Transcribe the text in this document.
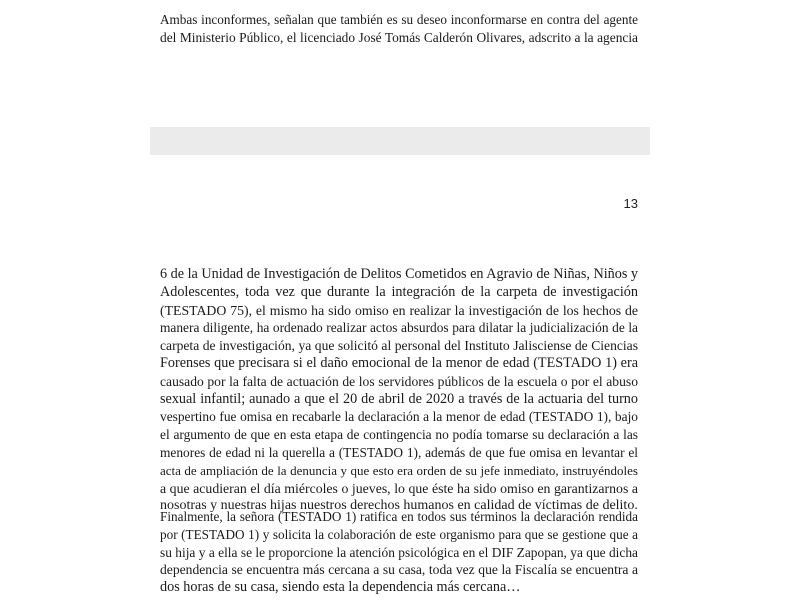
Ambas inconformes, señalan que también es su deseo inconformarse en contra del agente
del Ministerio Público, el licenciado José Tomás Calderón Olivares, adscrito a la agencia
13
6 de la Unidad de Investigación de Delitos Cometidos en Agravio de Niñas, Niños y
Adolescentes, toda vez que durante la integración de la carpeta de investigación
(TESTADO 75), el mismo ha sido omiso en realizar la investigación de los hechos de
manera diligente, ha ordenado realizar actos absurdos para dilatar la judicialización de la
carpeta de investigación, ya que solicitó al personal del Instituto Jalisciense de Ciencias
Forenses que precisara si el daño emocional de la menor de edad (TESTADO 1) era
causado por la falta de actuación de los servidores públicos de la escuela o por el abuso
sexual infantil; aunado a que el 20 de abril de 2020 a través de la actuaria del turno
vespertino fue omisa en recabarle la declaración a la menor de edad (TESTADO 1), bajo
el argumento de que en esta etapa de contingencia no podía tomarse su declaración a las
menores de edad ni la querella a (TESTADO 1), además de que fue omisa en levantar el
acta de ampliación de la denuncia y que esto era orden de su jefe inmediato, instruyéndoles
a que acudieran el día miércoles o jueves, lo que éste ha sido omiso en garantizarnos a
nosotras y nuestras hijas nuestros derechos humanos en calidad de víctimas de delito.
Finalmente, la señora (TESTADO 1) ratifica en todos sus términos la declaración rendida
por (TESTADO 1) y solicita la colaboración de este organismo para que se gestione que a
su hija y a ella se le proporcione la atención psicológica en el DIF Zapopan, ya que dicha
dependencia se encuentra más cercana a su casa, toda vez que la Fiscalía se encuentra a
dos horas de su casa, siendo esta la dependencia más cercana…
